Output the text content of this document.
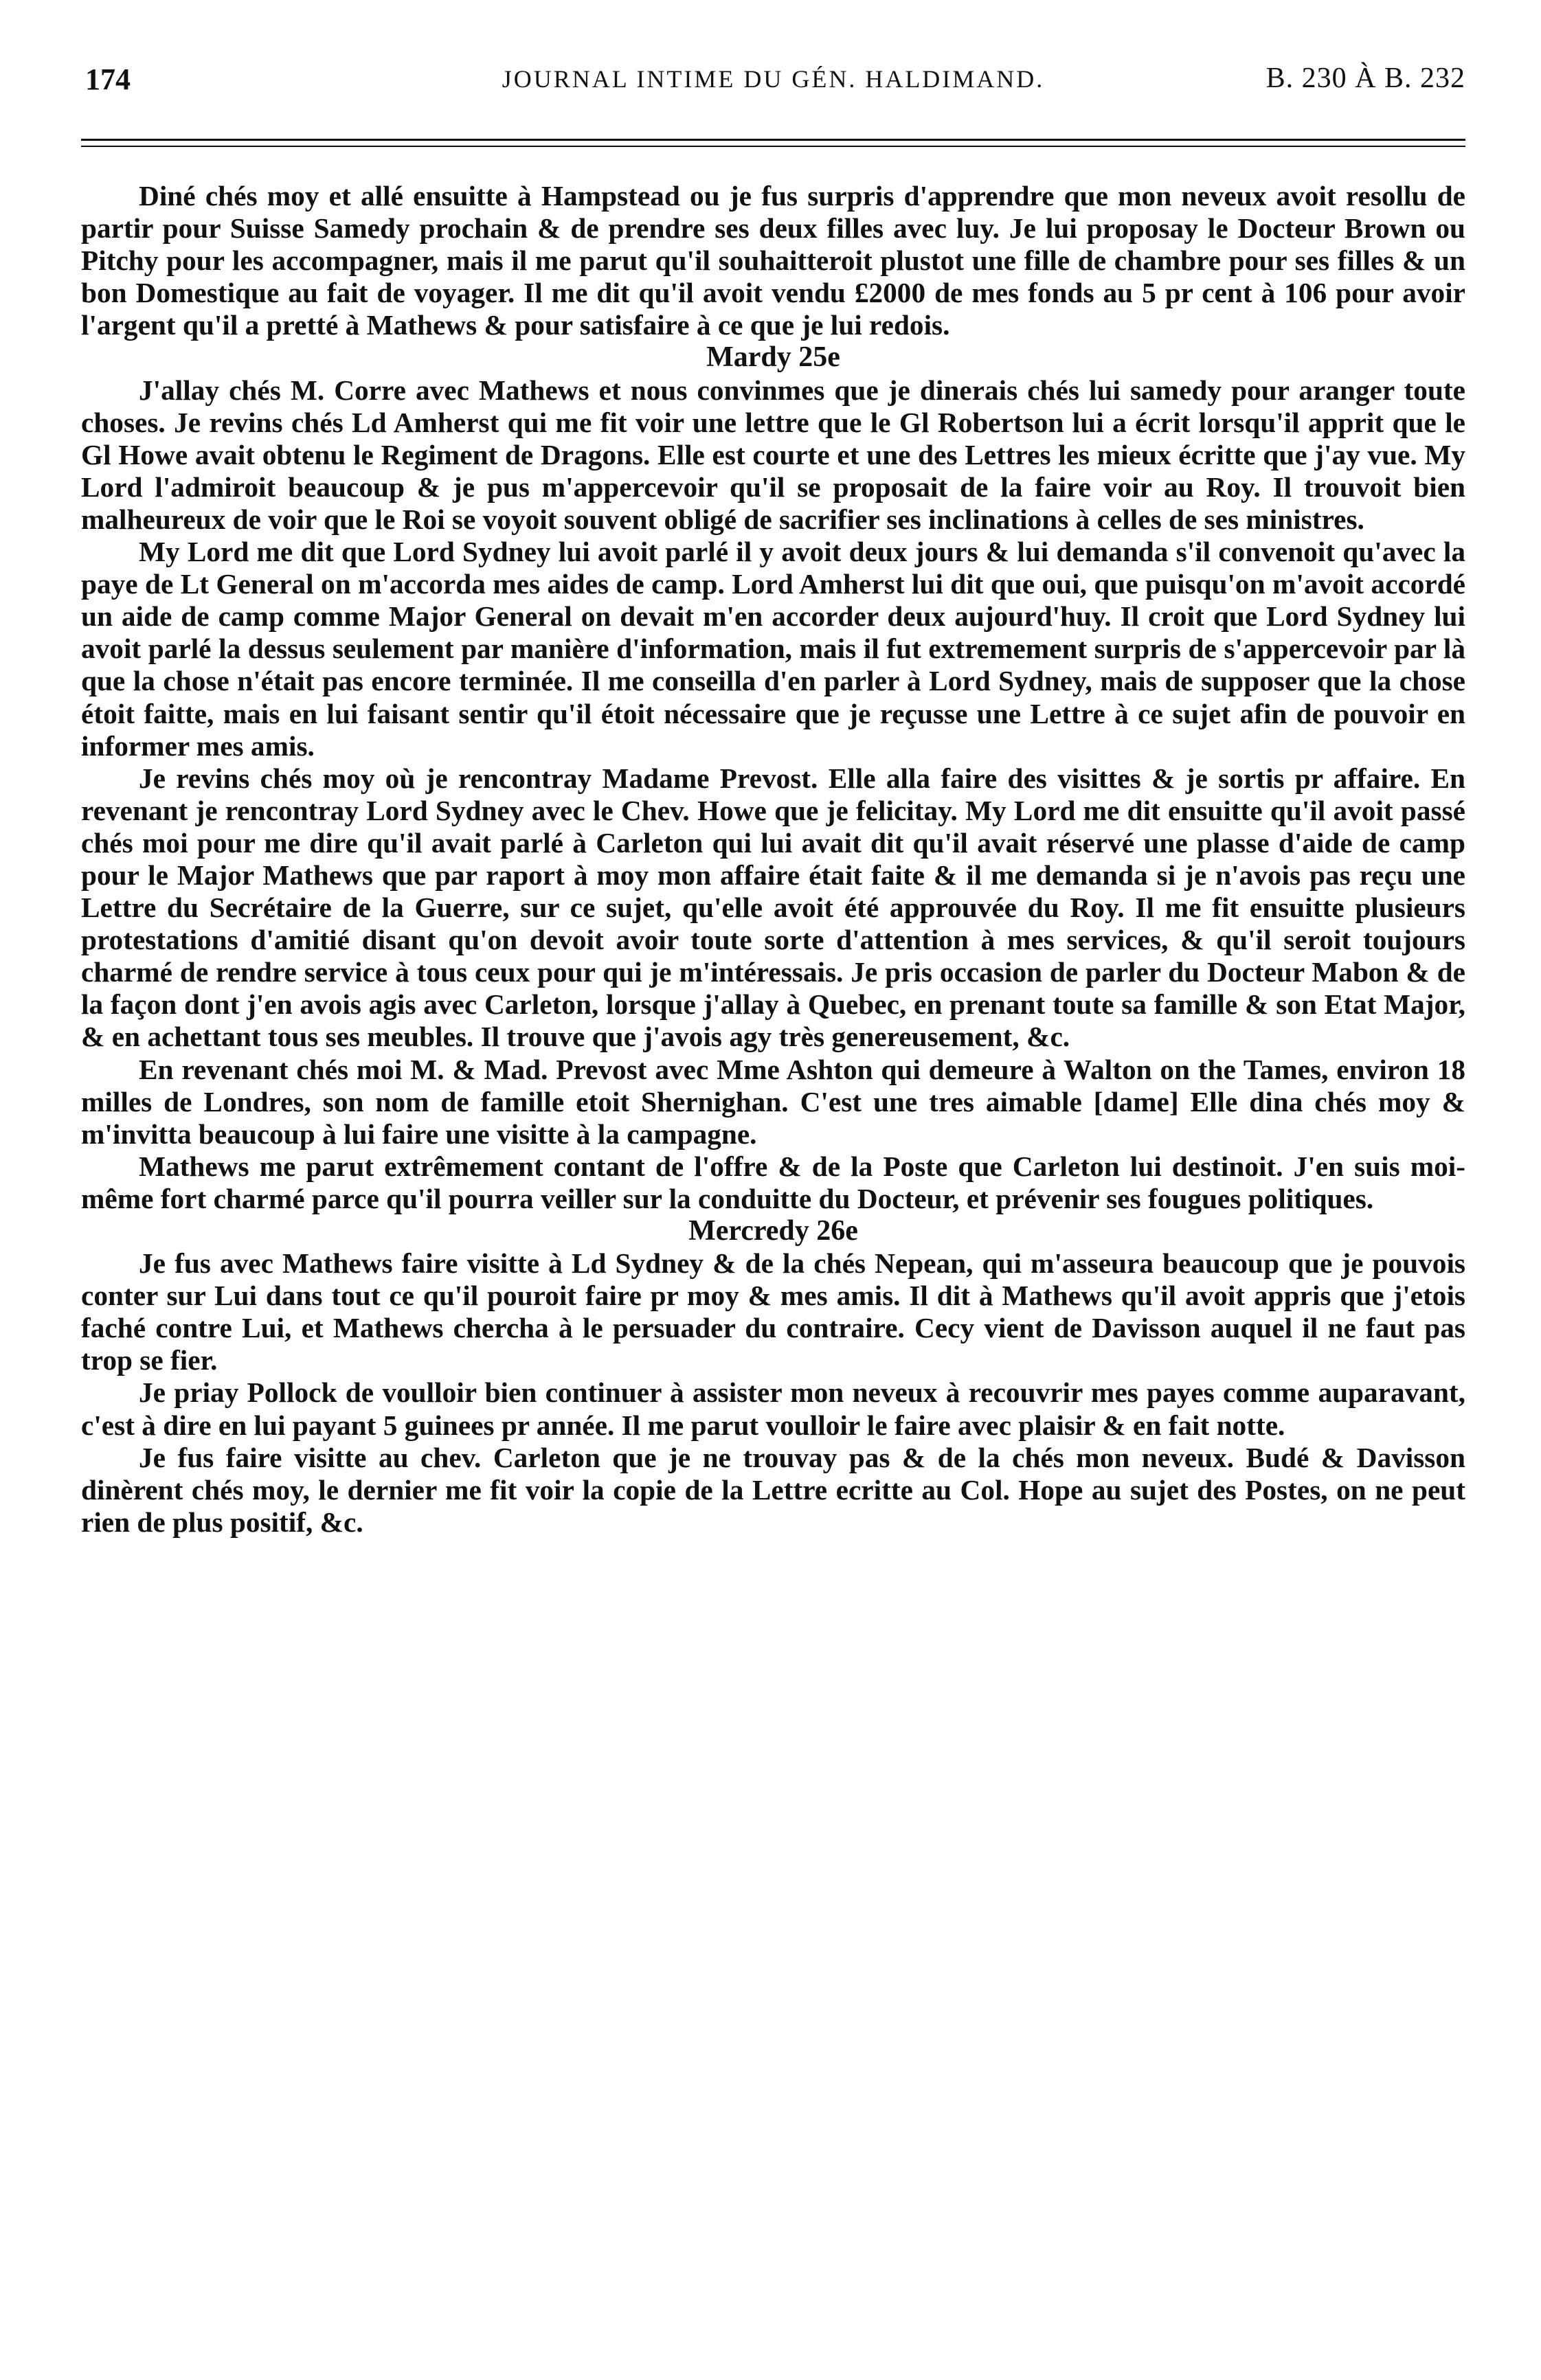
174	JOURNAL INTIME DU GÉN. HALDIMAND.	B. 230 À B. 232

Diné chés moy et allé ensuitte à Hampstead ou je fus surpris d'apprendre que mon neveux avoit resollu de partir pour Suisse Samedy prochain & de prendre ses deux filles avec luy. Je lui proposay le Docteur Brown ou Pitchy pour les accompagner, mais il me parut qu'il souhaitteroit plustot une fille de chambre pour ses filles & un bon Domestique au fait de voyager. Il me dit qu'il avoit vendu £2000 de mes fonds au 5 pr cent à 106 pour avoir l'argent qu'il a pretté à Mathews & pour satisfaire à ce que je lui redois.

Mardy 25e

J'allay chés M. Corre avec Mathews et nous convinmes que je dinerais chés lui samedy pour aranger toute choses. Je revins chés Ld Amherst qui me fit voir une lettre que le Gl Robertson lui a écrit lorsqu'il apprit que le Gl Howe avait obtenu le Regiment de Dragons. Elle est courte et une des Lettres les mieux écritte que j'ay vue. My Lord l'admiroit beaucoup & je pus m'appercevoir qu'il se proposait de la faire voir au Roy. Il trouvoit bien malheureux de voir que le Roi se voyoit souvent obligé de sacrifier ses inclinations à celles de ses ministres.

My Lord me dit que Lord Sydney lui avoit parlé il y avoit deux jours & lui demanda s'il convenoit qu'avec la paye de Lt General on m'accorda mes aides de camp. Lord Amherst lui dit que oui, que puisqu'on m'avoit accordé un aide de camp comme Major General on devait m'en accorder deux aujourd'huy. Il croit que Lord Sydney lui avoit parlé la dessus seulement par manière d'information, mais il fut extremement surpris de s'appercevoir par là que la chose n'était pas encore terminée. Il me conseilla d'en parler à Lord Sydney, mais de supposer que la chose étoit faitte, mais en lui faisant sentir qu'il étoit nécessaire que je reçusse une Lettre à ce sujet afin de pouvoir en informer mes amis.

Je revins chés moy où je rencontray Madame Prevost. Elle alla faire des visittes & je sortis pr affaire. En revenant je rencontray Lord Sydney avec le Chev. Howe que je felicitay. My Lord me dit ensuitte qu'il avoit passé chés moi pour me dire qu'il avait parlé à Carleton qui lui avait dit qu'il avait réservé une plasse d'aide de camp pour le Major Mathews que par raport à moy mon affaire était faite & il me demanda si je n'avois pas reçu une Lettre du Secrétaire de la Guerre, sur ce sujet, qu'elle avoit été approuvée du Roy. Il me fit ensuitte plusieurs protestations d'amitié disant qu'on devoit avoir toute sorte d'attention à mes services, & qu'il seroit toujours charmé de rendre service à tous ceux pour qui je m'intéressais. Je pris occasion de parler du Docteur Mabon & de la façon dont j'en avois agis avec Carleton, lorsque j'allay à Quebec, en prenant toute sa famille & son Etat Major, & en achettant tous ses meubles. Il trouve que j'avois agy très genereusement, &c.

En revenant chés moi M. & Mad. Prevost avec Mme Ashton qui demeure à Walton on the Tames, environ 18 milles de Londres, son nom de famille etoit Shernighan. C'est une tres aimable [dame] Elle dina chés moy & m'invitta beaucoup à lui faire une visitte à la campagne.

Mathews me parut extrêmement contant de l'offre & de la Poste que Carleton lui destinoit. J'en suis moi-même fort charmé parce qu'il pourra veiller sur la conduitte du Docteur, et prévenir ses fougues politiques.

Mercredy 26e

Je fus avec Mathews faire visitte à Ld Sydney & de la chés Nepean, qui m'asseura beaucoup que je pouvois conter sur Lui dans tout ce qu'il pouroit faire pr moy & mes amis. Il dit à Mathews qu'il avoit appris que j'etois faché contre Lui, et Mathews chercha à le persuader du contraire. Cecy vient de Davisson auquel il ne faut pas trop se fier.

Je priay Pollock de voulloir bien continuer à assister mon neveux à recouvrir mes payes comme auparavant, c'est à dire en lui payant 5 guinees pr année. Il me parut voulloir le faire avec plaisir & en fait notte.

Je fus faire visitte au chev. Carleton que je ne trouvay pas & de la chés mon neveux. Budé & Davisson dinèrent chés moy, le dernier me fit voir la copie de la Lettre ecritte au Col. Hope au sujet des Postes, on ne peut rien de plus positif, &c.
